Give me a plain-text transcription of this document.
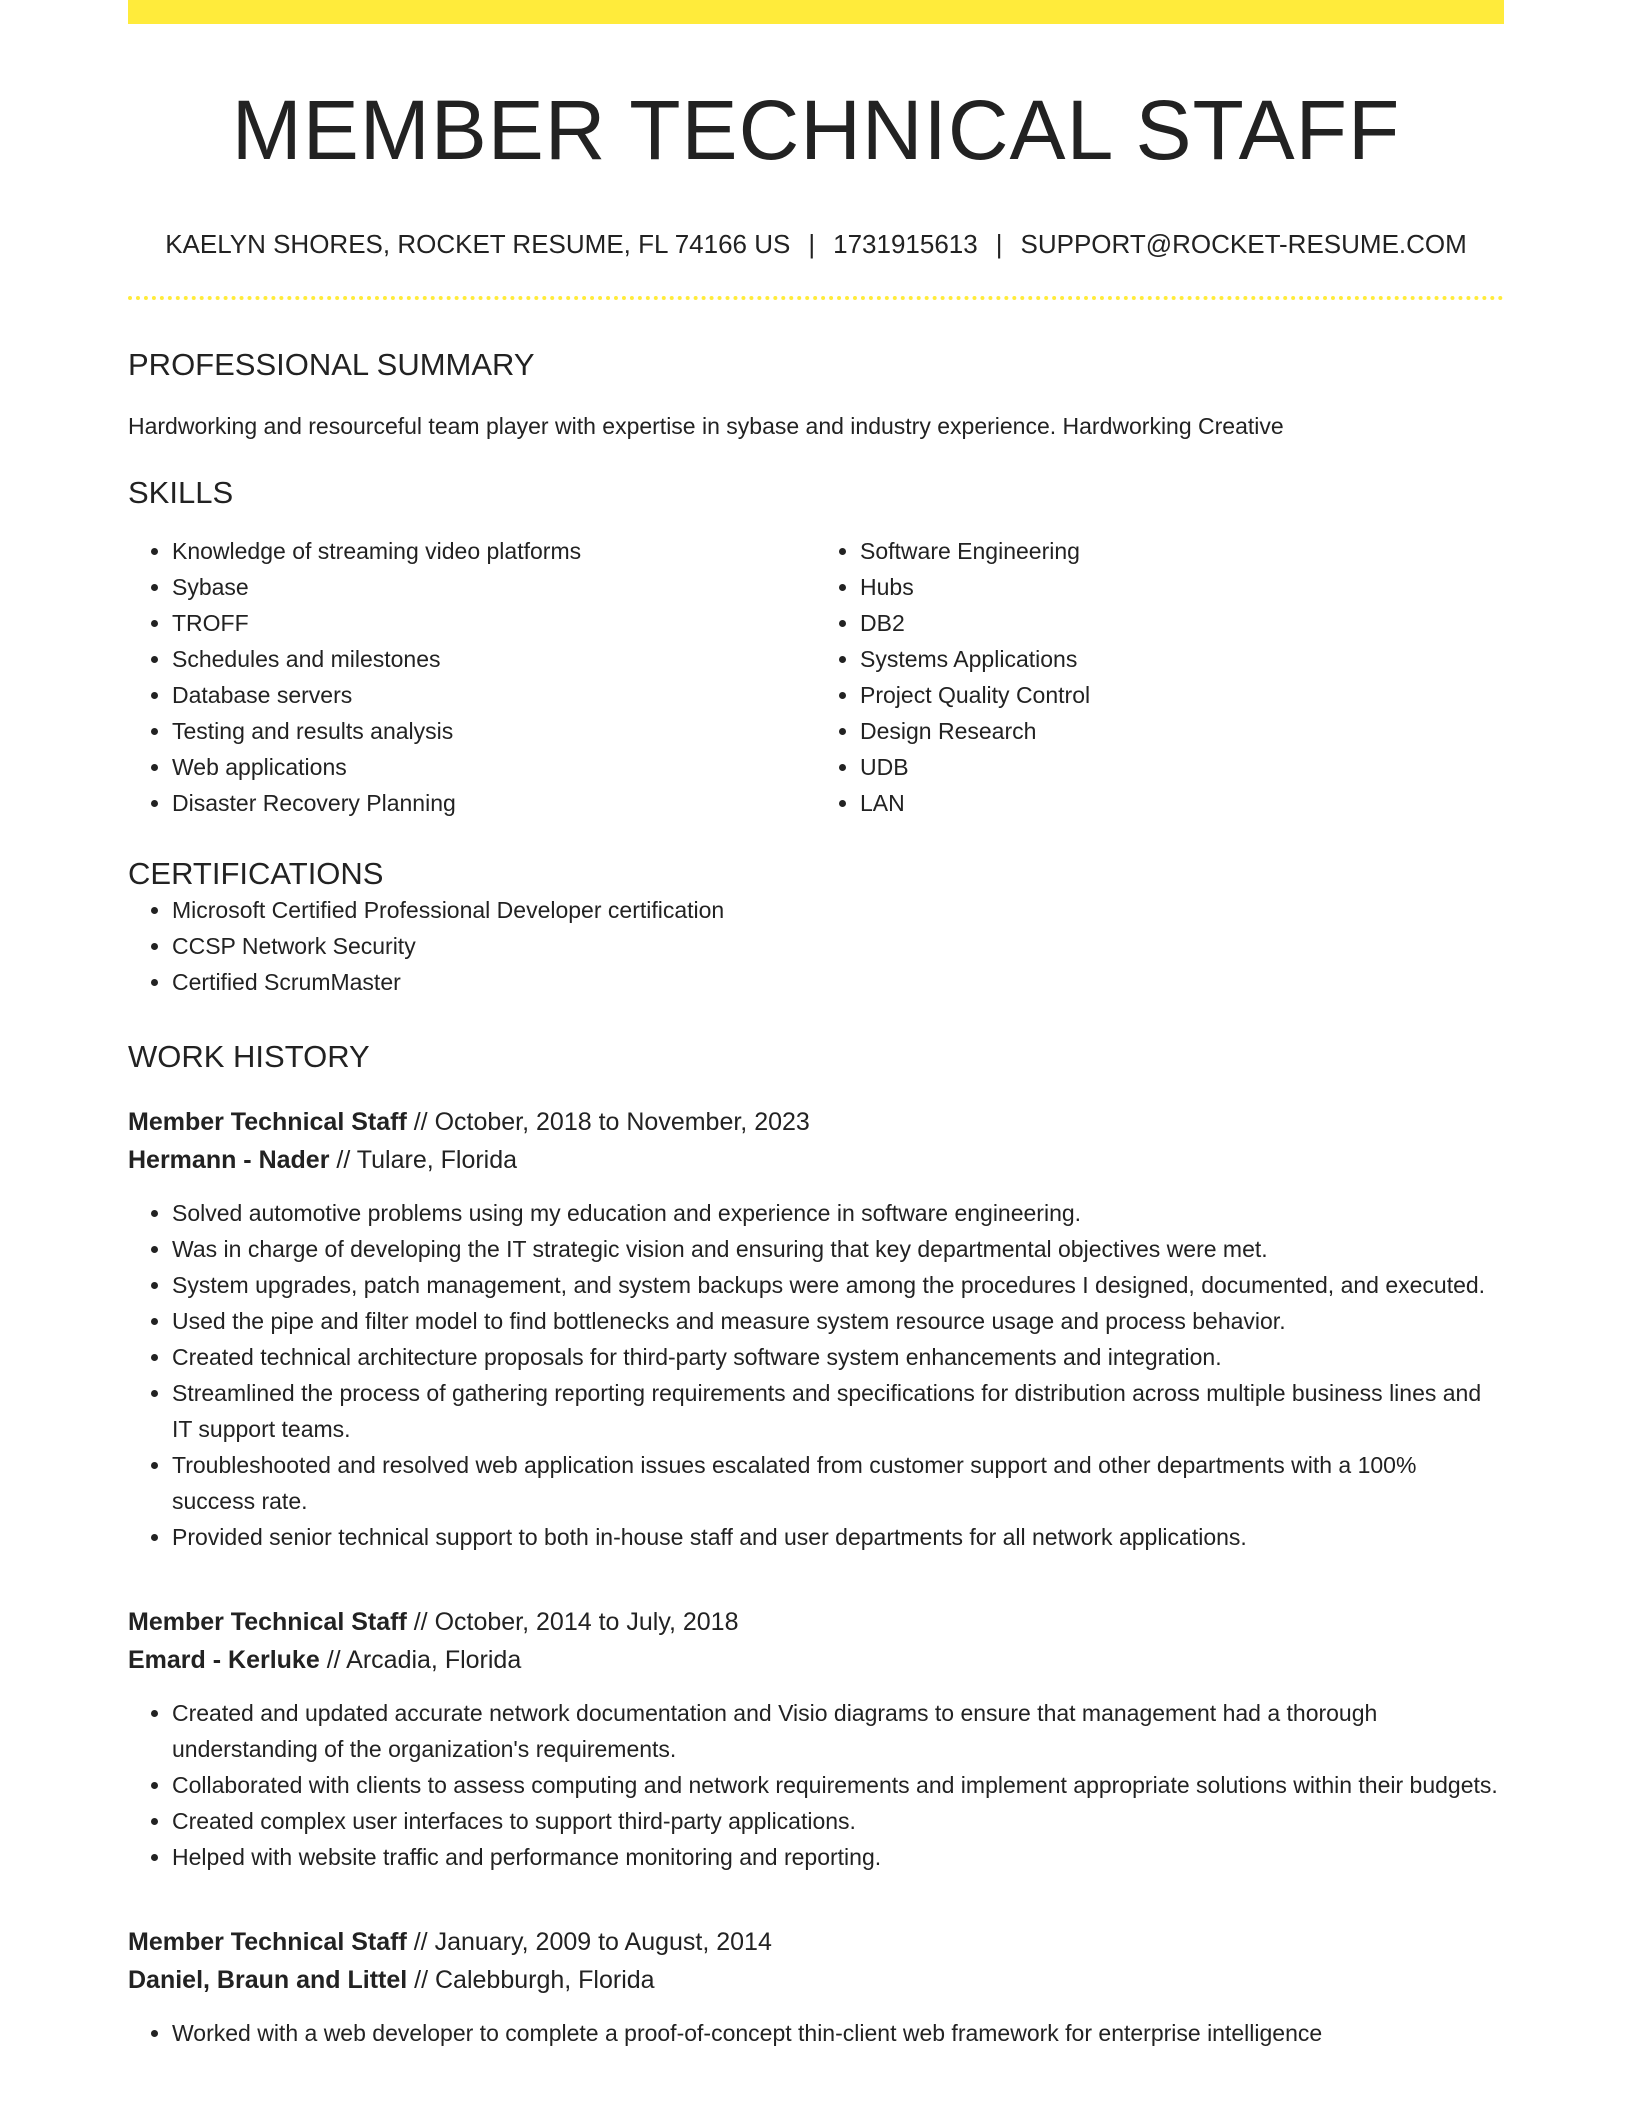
MEMBER TECHNICAL STAFF
KAELYN SHORES, ROCKET RESUME, FL 74166 US | 1731915613 | SUPPORT@ROCKET-RESUME.COM
PROFESSIONAL SUMMARY
Hardworking and resourceful team player with expertise in sybase and industry experience. Hardworking Creative
SKILLS
• Knowledge of streaming video platforms
• Sybase
• TROFF
• Schedules and milestones
• Database servers
• Testing and results analysis
• Web applications
• Disaster Recovery Planning
• Software Engineering
• Hubs
• DB2
• Systems Applications
• Project Quality Control
• Design Research
• UDB
• LAN
CERTIFICATIONS
• Microsoft Certified Professional Developer certification
• CCSP Network Security
• Certified ScrumMaster
WORK HISTORY
Member Technical Staff // October, 2018 to November, 2023
Hermann - Nader // Tulare, Florida
• Solved automotive problems using my education and experience in software engineering.
• Was in charge of developing the IT strategic vision and ensuring that key departmental objectives were met.
• System upgrades, patch management, and system backups were among the procedures I designed, documented, and executed.
• Used the pipe and filter model to find bottlenecks and measure system resource usage and process behavior.
• Created technical architecture proposals for third-party software system enhancements and integration.
• Streamlined the process of gathering reporting requirements and specifications for distribution across multiple business lines and IT support teams.
• Troubleshooted and resolved web application issues escalated from customer support and other departments with a 100% success rate.
• Provided senior technical support to both in-house staff and user departments for all network applications.
Member Technical Staff // October, 2014 to July, 2018
Emard - Kerluke // Arcadia, Florida
• Created and updated accurate network documentation and Visio diagrams to ensure that management had a thorough understanding of the organization's requirements.
• Collaborated with clients to assess computing and network requirements and implement appropriate solutions within their budgets.
• Created complex user interfaces to support third-party applications.
• Helped with website traffic and performance monitoring and reporting.
Member Technical Staff // January, 2009 to August, 2014
Daniel, Braun and Littel // Calebburgh, Florida
• Worked with a web developer to complete a proof-of-concept thin-client web framework for enterprise intelligence
